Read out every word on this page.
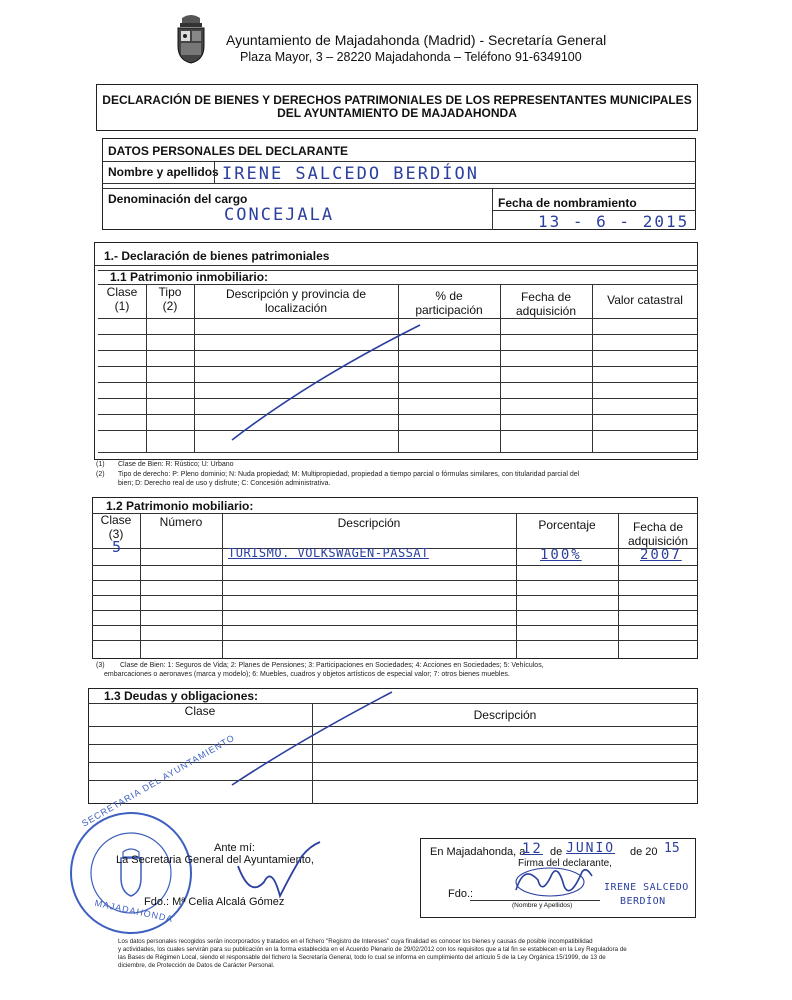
Ayuntamiento de Majadahonda (Madrid) - Secretaría General
Plaza Mayor, 3 – 28220 Majadahonda – Teléfono 91-6349100
DECLARACIÓN DE BIENES Y DERECHOS PATRIMONIALES DE LOS REPRESENTANTES MUNICIPALES
DEL AYUNTAMIENTO DE MAJADAHONDA
DATOS PERSONALES DEL DECLARANTE
Nombre y apellidos IRENE SALCEDO BERDÍON
Denominación del cargo
CONCEJALA
Fecha de nombramiento
13 - 6 - 2015
1.- Declaración de bienes patrimoniales
1.1 Patrimonio inmobiliario:
Clase
(1)
Tipo
(2)
Descripción y provincia de
localización
% de
participación
Fecha de
adquisición
Valor catastral
(1) Clase de Bien: R: Rústico; U: Urbano
(2) Tipo de derecho: P: Pleno dominio; N: Nuda propiedad; M: Multipropiedad, propiedad a tiempo parcial o fórmulas similares, con titularidad parcial del
bien; D: Derecho real de uso y disfrute; C: Concesión administrativa.
1.2 Patrimonio mobiliario:
Clase
(3)
Número	Descripción	Porcentaje	Fecha de
adquisición
5	TURISMO. VOLKSWAGEN-PASSAT	100%	2007
(3) Clase de Bien: 1: Seguros de Vida; 2: Planes de Pensiones; 3: Participaciones en Sociedades; 4: Acciones en Sociedades; 5: Vehículos,
embarcaciones o aeronaves (marca y modelo); 6: Muebles, cuadros y objetos artísticos de especial valor; 7: otros bienes muebles.
1.3 Deudas y obligaciones:
Clase	Descripción
SECRETARIA DEL AYUNTAMIENTO
MAJADAHONDA
Ante mí:
La Secretaria General del Ayuntamiento,
Fdo.: Mª Celia Alcalá Gómez
En Majadahonda, a
12 de JUNIO de 20 15
Firma del declarante,
Fdo.:
(Nombre y Apellidos)
IRENE SALCEDO
BERDÍON
Los datos personales recogidos serán incorporados y tratados en el fichero "Registro de Intereses" cuya finalidad es conocer los bienes y causas de posible incompatibilidad
y actividades, los cuales servirán para su publicación en la forma establecida en el Acuerdo Plenario de 29/02/2012 con los requisitos que a tal fin se establecen en la Ley Reguladora de
las Bases de Régimen Local, siendo el responsable del fichero la Secretaría General, todo lo cual se informa en cumplimiento del artículo 5 de la Ley Orgánica 15/1999, de 13 de
diciembre, de Protección de Datos de Carácter Personal.
